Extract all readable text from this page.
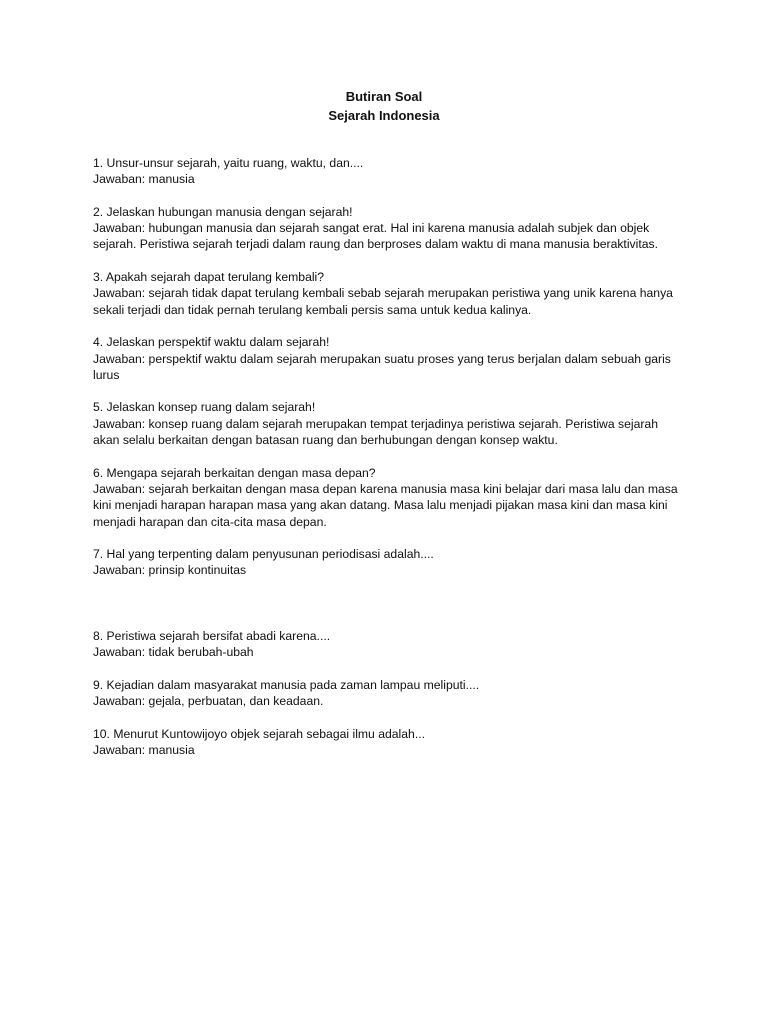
Butiran Soal
Sejarah Indonesia
1. Unsur-unsur sejarah, yaitu ruang, waktu, dan....
Jawaban: manusia
2. Jelaskan hubungan manusia dengan sejarah!
Jawaban: hubungan manusia dan sejarah sangat erat. Hal ini karena manusia adalah subjek dan objek sejarah. Peristiwa sejarah terjadi dalam raung dan berproses dalam waktu di mana manusia beraktivitas.
3. Apakah sejarah dapat terulang kembali?
Jawaban: sejarah tidak dapat terulang kembali sebab sejarah merupakan peristiwa yang unik karena hanya sekali terjadi dan tidak pernah terulang kembali persis sama untuk kedua kalinya.
4. Jelaskan perspektif waktu dalam sejarah!
Jawaban: perspektif waktu dalam sejarah merupakan suatu proses yang terus berjalan dalam sebuah garis lurus
5. Jelaskan konsep ruang dalam sejarah!
Jawaban: konsep ruang dalam sejarah merupakan tempat terjadinya peristiwa sejarah. Peristiwa sejarah akan selalu berkaitan dengan batasan ruang dan berhubungan dengan konsep waktu.
6. Mengapa sejarah berkaitan dengan masa depan?
Jawaban: sejarah berkaitan dengan masa depan karena manusia masa kini belajar dari masa lalu dan masa kini menjadi harapan harapan masa yang akan datang. Masa lalu menjadi pijakan masa kini dan masa kini menjadi harapan dan cita-cita masa depan.
7. Hal yang terpenting dalam penyusunan periodisasi adalah....
Jawaban: prinsip kontinuitas
8. Peristiwa sejarah bersifat abadi karena....
Jawaban: tidak berubah-ubah
9. Kejadian dalam masyarakat manusia pada zaman lampau meliputi....
Jawaban: gejala, perbuatan, dan keadaan.
10. Menurut Kuntowijoyo objek sejarah sebagai ilmu adalah...
Jawaban: manusia
